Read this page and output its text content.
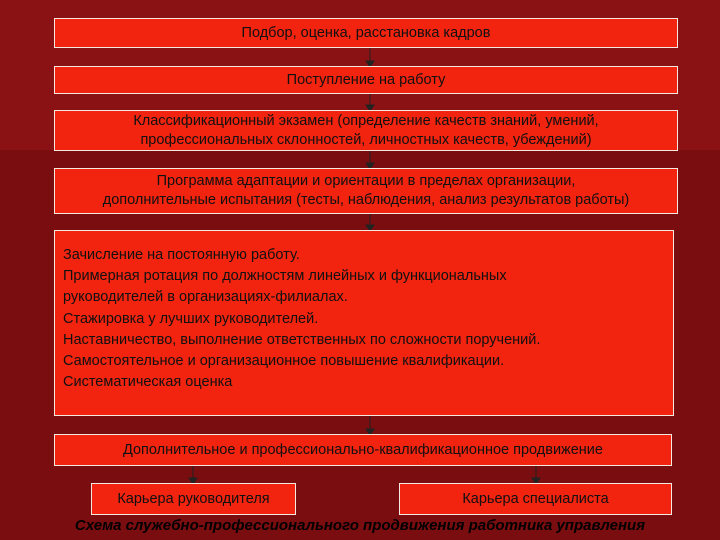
Подбор, оценка, расстановка кадров
Поступление на работу
Классификационный экзамен (определение качеств знаний, умений,
профессиональных склонностей, личностных качеств, убеждений)
Программа адаптации и ориентации в пределах организации,
дополнительные испытания (тесты, наблюдения, анализ результатов работы)
Зачисление на постоянную работу.
Примерная ротация по должностям линейных и функциональных
руководителей в организациях-филиалах.
Стажировка у лучших руководителей.
Наставничество, выполнение ответственных по сложности поручений.
Самостоятельное и организационное повышение квалификации.
Систематическая оценка
Дополнительное и профессионально-квалификационное продвижение
Карьера руководителя	Карьера специалиста
Схема служебно-профессионального продвижения работника управления
